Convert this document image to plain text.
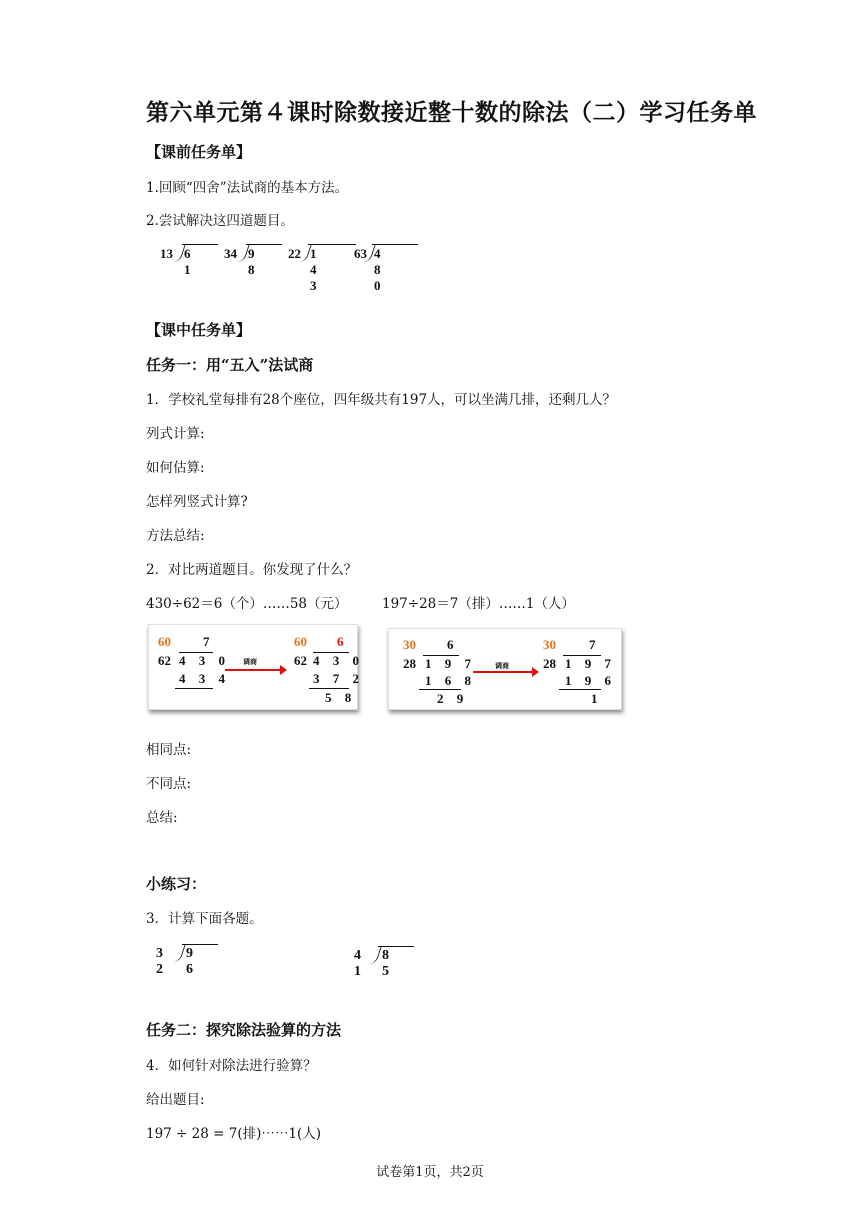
第六单元第４课时除数接近整十数的除法（二）学习任务单
【课前任务单】
1.回顾“四舍”法试商的基本方法。
2.尝试解决这四道题目。
13 6 1
34 9 8
22 1 4 3
63 4 8 0
【课中任务单】
任务一：用“五入”法试商
1．学校礼堂每排有28个座位，四年级共有197人，可以坐满几排，还剩几人？
列式计算:
如何估算:
怎样列竖式计算?
方法总结:
2．对比两道题目。你发现了什么？
430÷62＝6（个）……58（元）	197÷28＝7（排）……1（人）
60 7
62 4 3 0
4 3 4
调商
60 6
62 4 3 0
3 7 2
5 8
30 6
28 1 9 7
1 6 8
2 9
调商
30	7
28 1 9 7
1 9 6
1
相同点:
不同点:
总结:
小练习：
3．计算下面各题。
3 2
9 6
4 1
8 5
任务二：探究除法验算的方法
4．如何针对除法进行验算？
给出题目:
197 ÷ 28 = 7(排)⋯⋯1(人)
试卷第1页，共2页
